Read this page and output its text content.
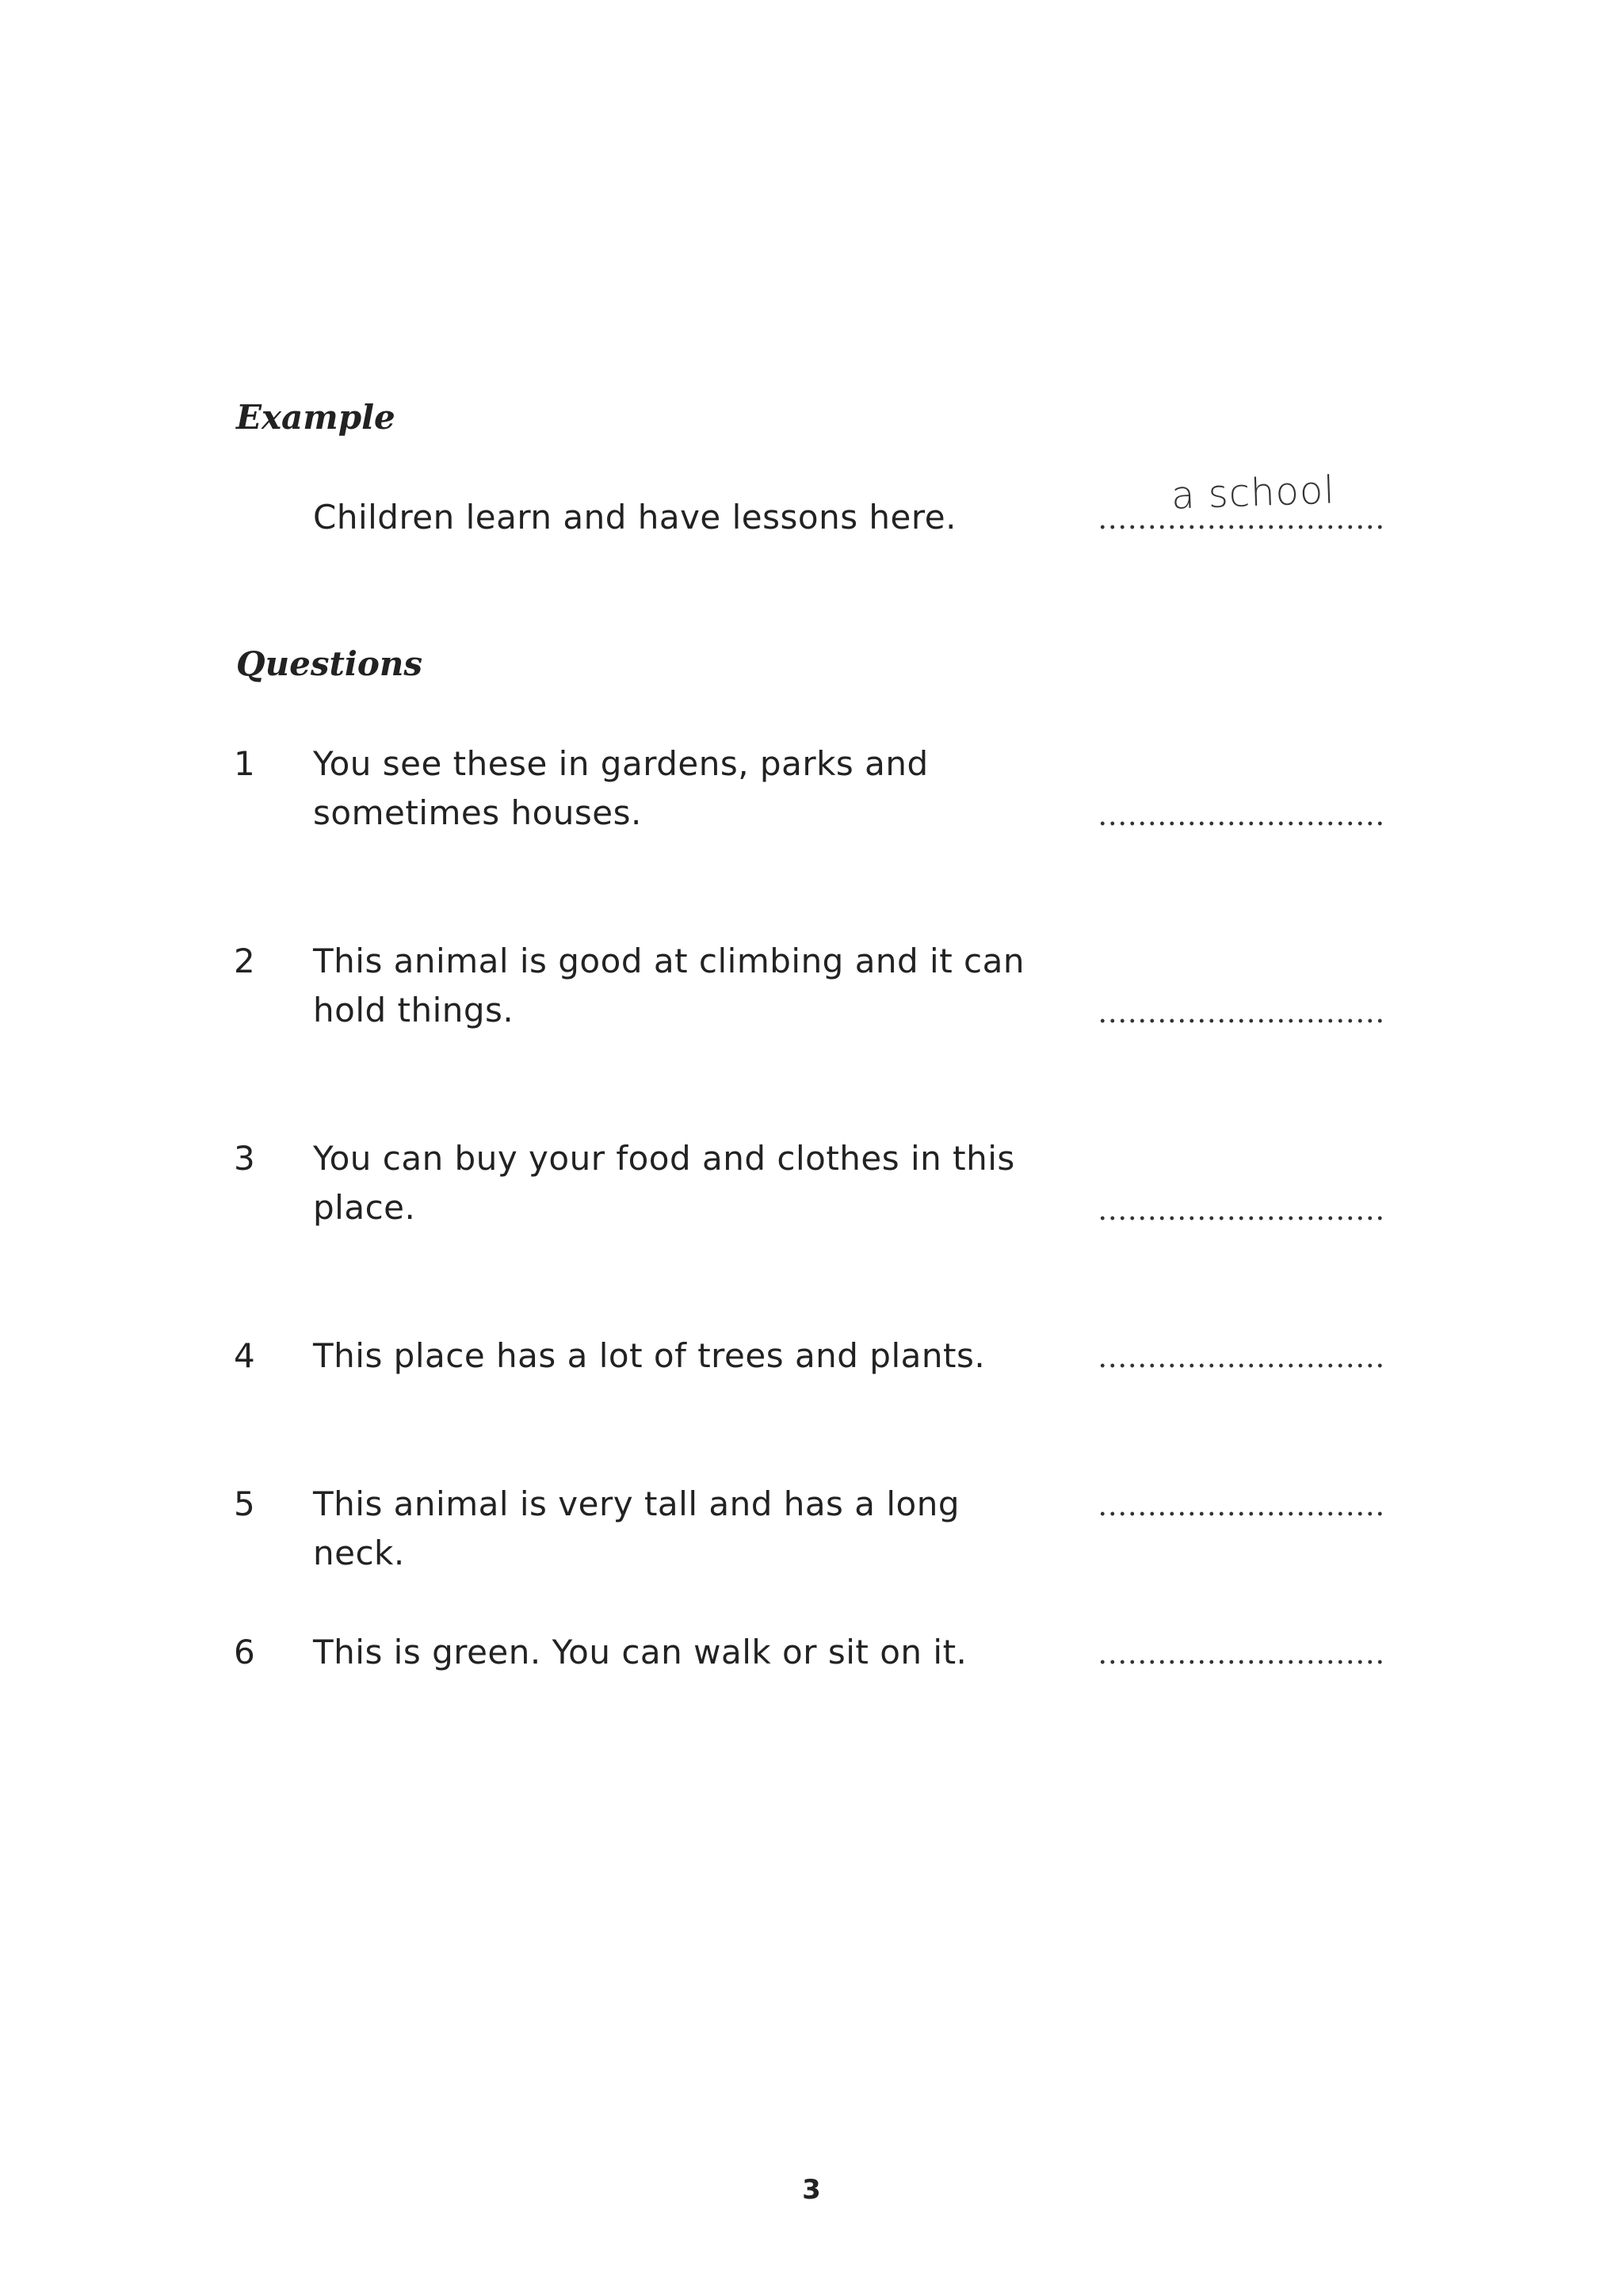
Example
Children learn and have lessons here.	a school
Questions
1 You see these in gardens, parks and
sometimes houses.
2 This animal is good at climbing and it can
hold things.
3 You can buy your food and clothes in this
place.
4 This place has a lot of trees and plants.
5 This animal is very tall and has a long neck.
6 This is green. You can walk or sit on it.
3
